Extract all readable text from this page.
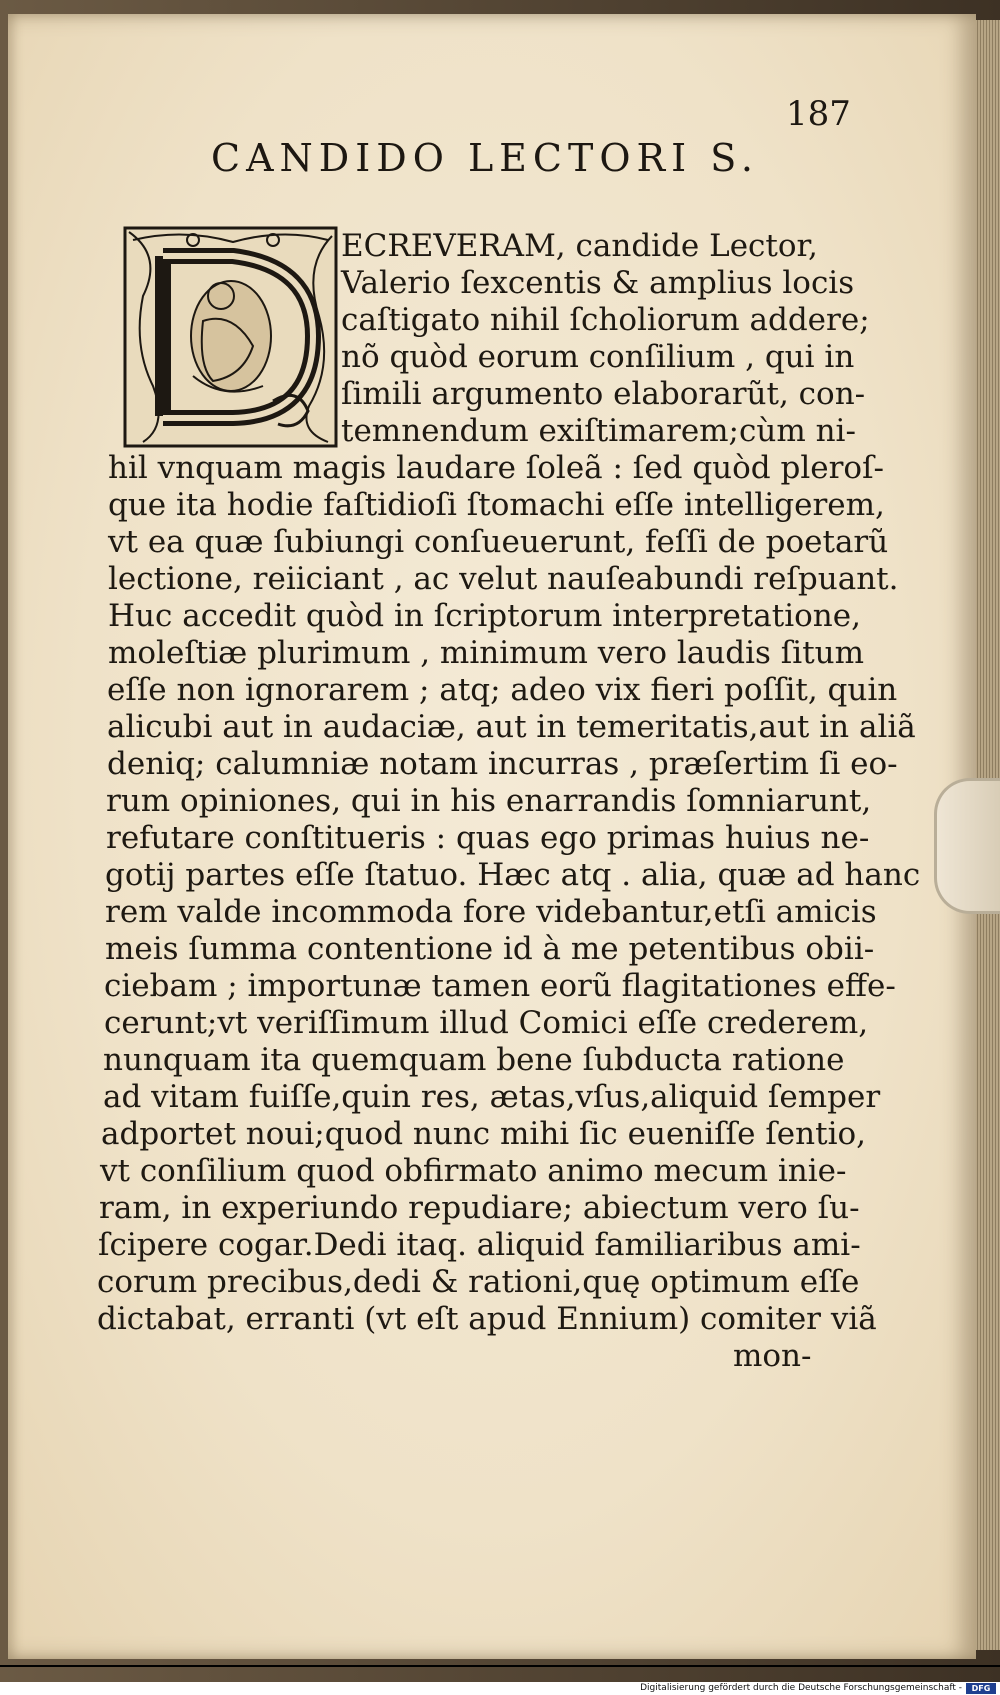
187
CANDIDO LECTORI S.
ECREVERAM, candide Lector,
Valerio ſexcentis & amplius locis
caſtigato nihil ſcholiorum addere;
nõ quòd eorum conſilium , qui in
ſimili argumento elaborarũt, con-
temnendum exiſtimarem;cùm ni-
hil vnquam magis laudare ſoleã : ſed quòd pleroſ-
que ita hodie faſtidioſi ſtomachi eſſe intelligerem,
vt ea quæ ſubiungi conſueuerunt, feſſi de poetarũ
lectione, reiiciant , ac velut nauſeabundi reſpuant.
Huc accedit quòd in ſcriptorum interpretatione,
moleſtiæ plurimum , minimum vero laudis ſitum
eſſe non ignorarem ; atq; adeo vix fieri poſſit, quin
alicubi aut in audaciæ, aut in temeritatis,aut in aliã
deniq; calumniæ notam incurras , præſertim ſi eo-
rum opiniones, qui in his enarrandis ſomniarunt,
refutare conſtitueris : quas ego primas huius ne-
gotij partes eſſe ſtatuo. Hæc atq . alia, quæ ad hanc
rem valde incommoda fore videbantur,etſi amicis
meis ſumma contentione id à me petentibus obii-
ciebam ; importunæ tamen eorũ flagitationes effe-
cerunt;vt veriſſimum illud Comici eſſe crederem,
nunquam ita quemquam bene ſubducta ratione
ad vitam fuiſſe,quin res, ætas,vſus,aliquid ſemper
adportet noui;quod nunc mihi ſic eueniſſe ſentio,
vt conſilium quod obfirmato animo mecum inie-
ram, in experiundo repudiare; abiectum vero ſu-
ſcipere cogar.Dedi itaq. aliquid familiaribus ami-
corum precibus,dedi & rationi,quę optimum eſſe
dictabat, erranti (vt eſt apud Ennium) comiter viã
mon-
Digitalisierung gefördert durch die Deutsche Forschungsgemeinschaft -	DFG
